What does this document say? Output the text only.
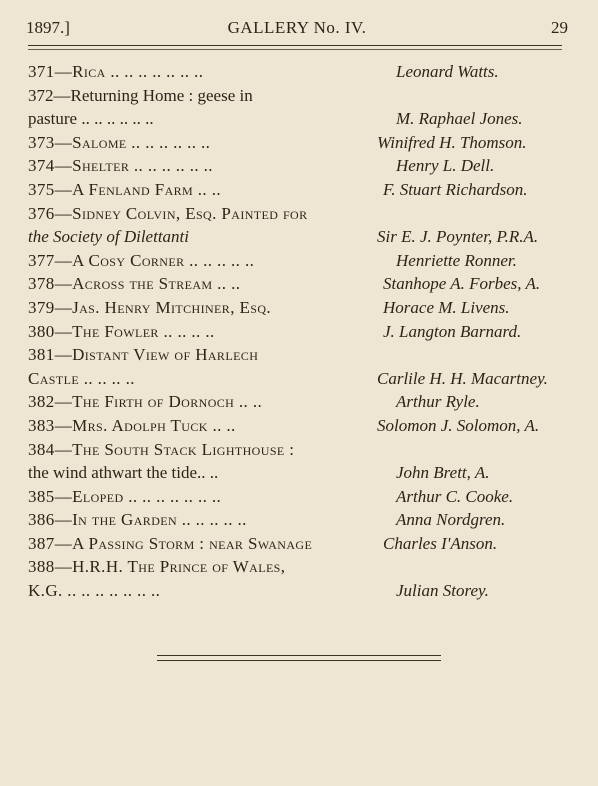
1897.]	GALLERY No. IV.	29
371—Rica .. .. .. .. .. .. ..	Leonard Watts.
372—Returning Home : geese in
pasture .. .. .. .. .. ..	M. Raphael Jones.
373—Salome .. .. .. .. .. ..	Winifred H. Thomson.
374—Shelter .. .. .. .. .. ..	Henry L. Dell.
375—A Fenland Farm .. ..	F. Stuart Richardson.
376—Sidney Colvin, Esq. Painted for
the Society of Dilettanti	Sir E. J. Poynter, P.R.A.
377—A Cosy Corner .. .. .. .. ..	Henriette Ronner.
378—Across the Stream .. ..	Stanhope A. Forbes, A.
379—Jas. Henry Mitchiner, Esq.	Horace M. Livens.
380—The Fowler .. .. .. ..	J. Langton Barnard.
381—Distant View of Harlech
Castle .. .. .. ..	Carlile H. H. Macartney.
382—The Firth of Dornoch .. ..	Arthur Ryle.
383—Mrs. Adolph Tuck .. ..	Solomon J. Solomon, A.
384—The South Stack Lighthouse :
the wind athwart the tide.. ..	John Brett, A.
385—Eloped .. .. .. .. .. .. ..	Arthur C. Cooke.
386—In the Garden .. .. .. .. ..	Anna Nordgren.
387—A Passing Storm : near Swanage	Charles I'Anson.
388—H.R.H. The Prince of Wales,
K.G. .. .. .. .. .. .. ..	Julian Storey.
